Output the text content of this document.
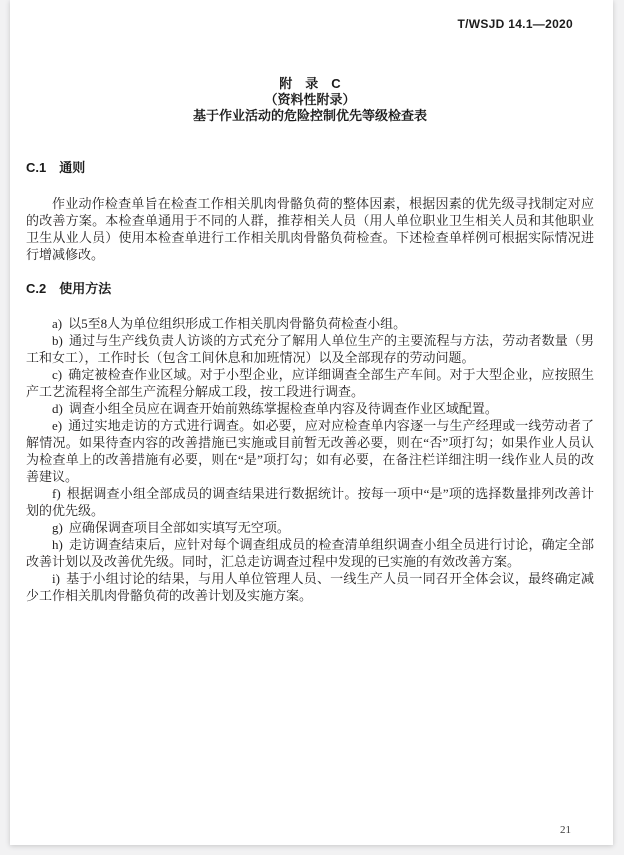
T/WSJD 14.1—2020
附　录　C
（资料性附录）
基于作业活动的危险控制优先等级检查表
C.1　通则

作业动作检查单旨在检查工作相关肌肉骨骼负荷的整体因素，根据因素的优先级寻找制定对应的改善方案。本检查单通用于不同的人群，推荐相关人员（用人单位职业卫生相关人员和其他职业卫生从业人员）使用本检查单进行工作相关肌肉骨骼负荷检查。下述检查单样例可根据实际情况进行增减修改。

C.2　使用方法

a) 以5至8人为单位组织形成工作相关肌肉骨骼负荷检查小组。

b) 通过与生产线负责人访谈的方式充分了解用人单位生产的主要流程与方法，劳动者数量（男工和女工），工作时长（包含工间休息和加班情况）以及全部现存的劳动问题。

c) 确定被检查作业区域。对于小型企业，应详细调查全部生产车间。对于大型企业，应按照生产工艺流程将全部生产流程分解成工段，按工段进行调查。

d) 调查小组全员应在调查开始前熟练掌握检查单内容及待调查作业区域配置。

e) 通过实地走访的方式进行调查。如必要，应对应检查单内容逐一与生产经理或一线劳动者了解情况。如果待查内容的改善措施已实施或目前暂无改善必要，则在“否”项打勾；如果作业人员认为检查单上的改善措施有必要，则在“是”项打勾；如有必要，在备注栏详细注明一线作业人员的改善建议。

f) 根据调查小组全部成员的调查结果进行数据统计。按每一项中“是”项的选择数量排列改善计划的优先级。

g) 应确保调查项目全部如实填写无空项。

h) 走访调查结束后，应针对每个调查组成员的检查清单组织调查小组全员进行讨论，确定全部改善计划以及改善优先级。同时，汇总走访调查过程中发现的已实施的有效改善方案。

i) 基于小组讨论的结果，与用人单位管理人员、一线生产人员一同召开全体会议，最终确定减少工作相关肌肉骨骼负荷的改善计划及实施方案。

21
